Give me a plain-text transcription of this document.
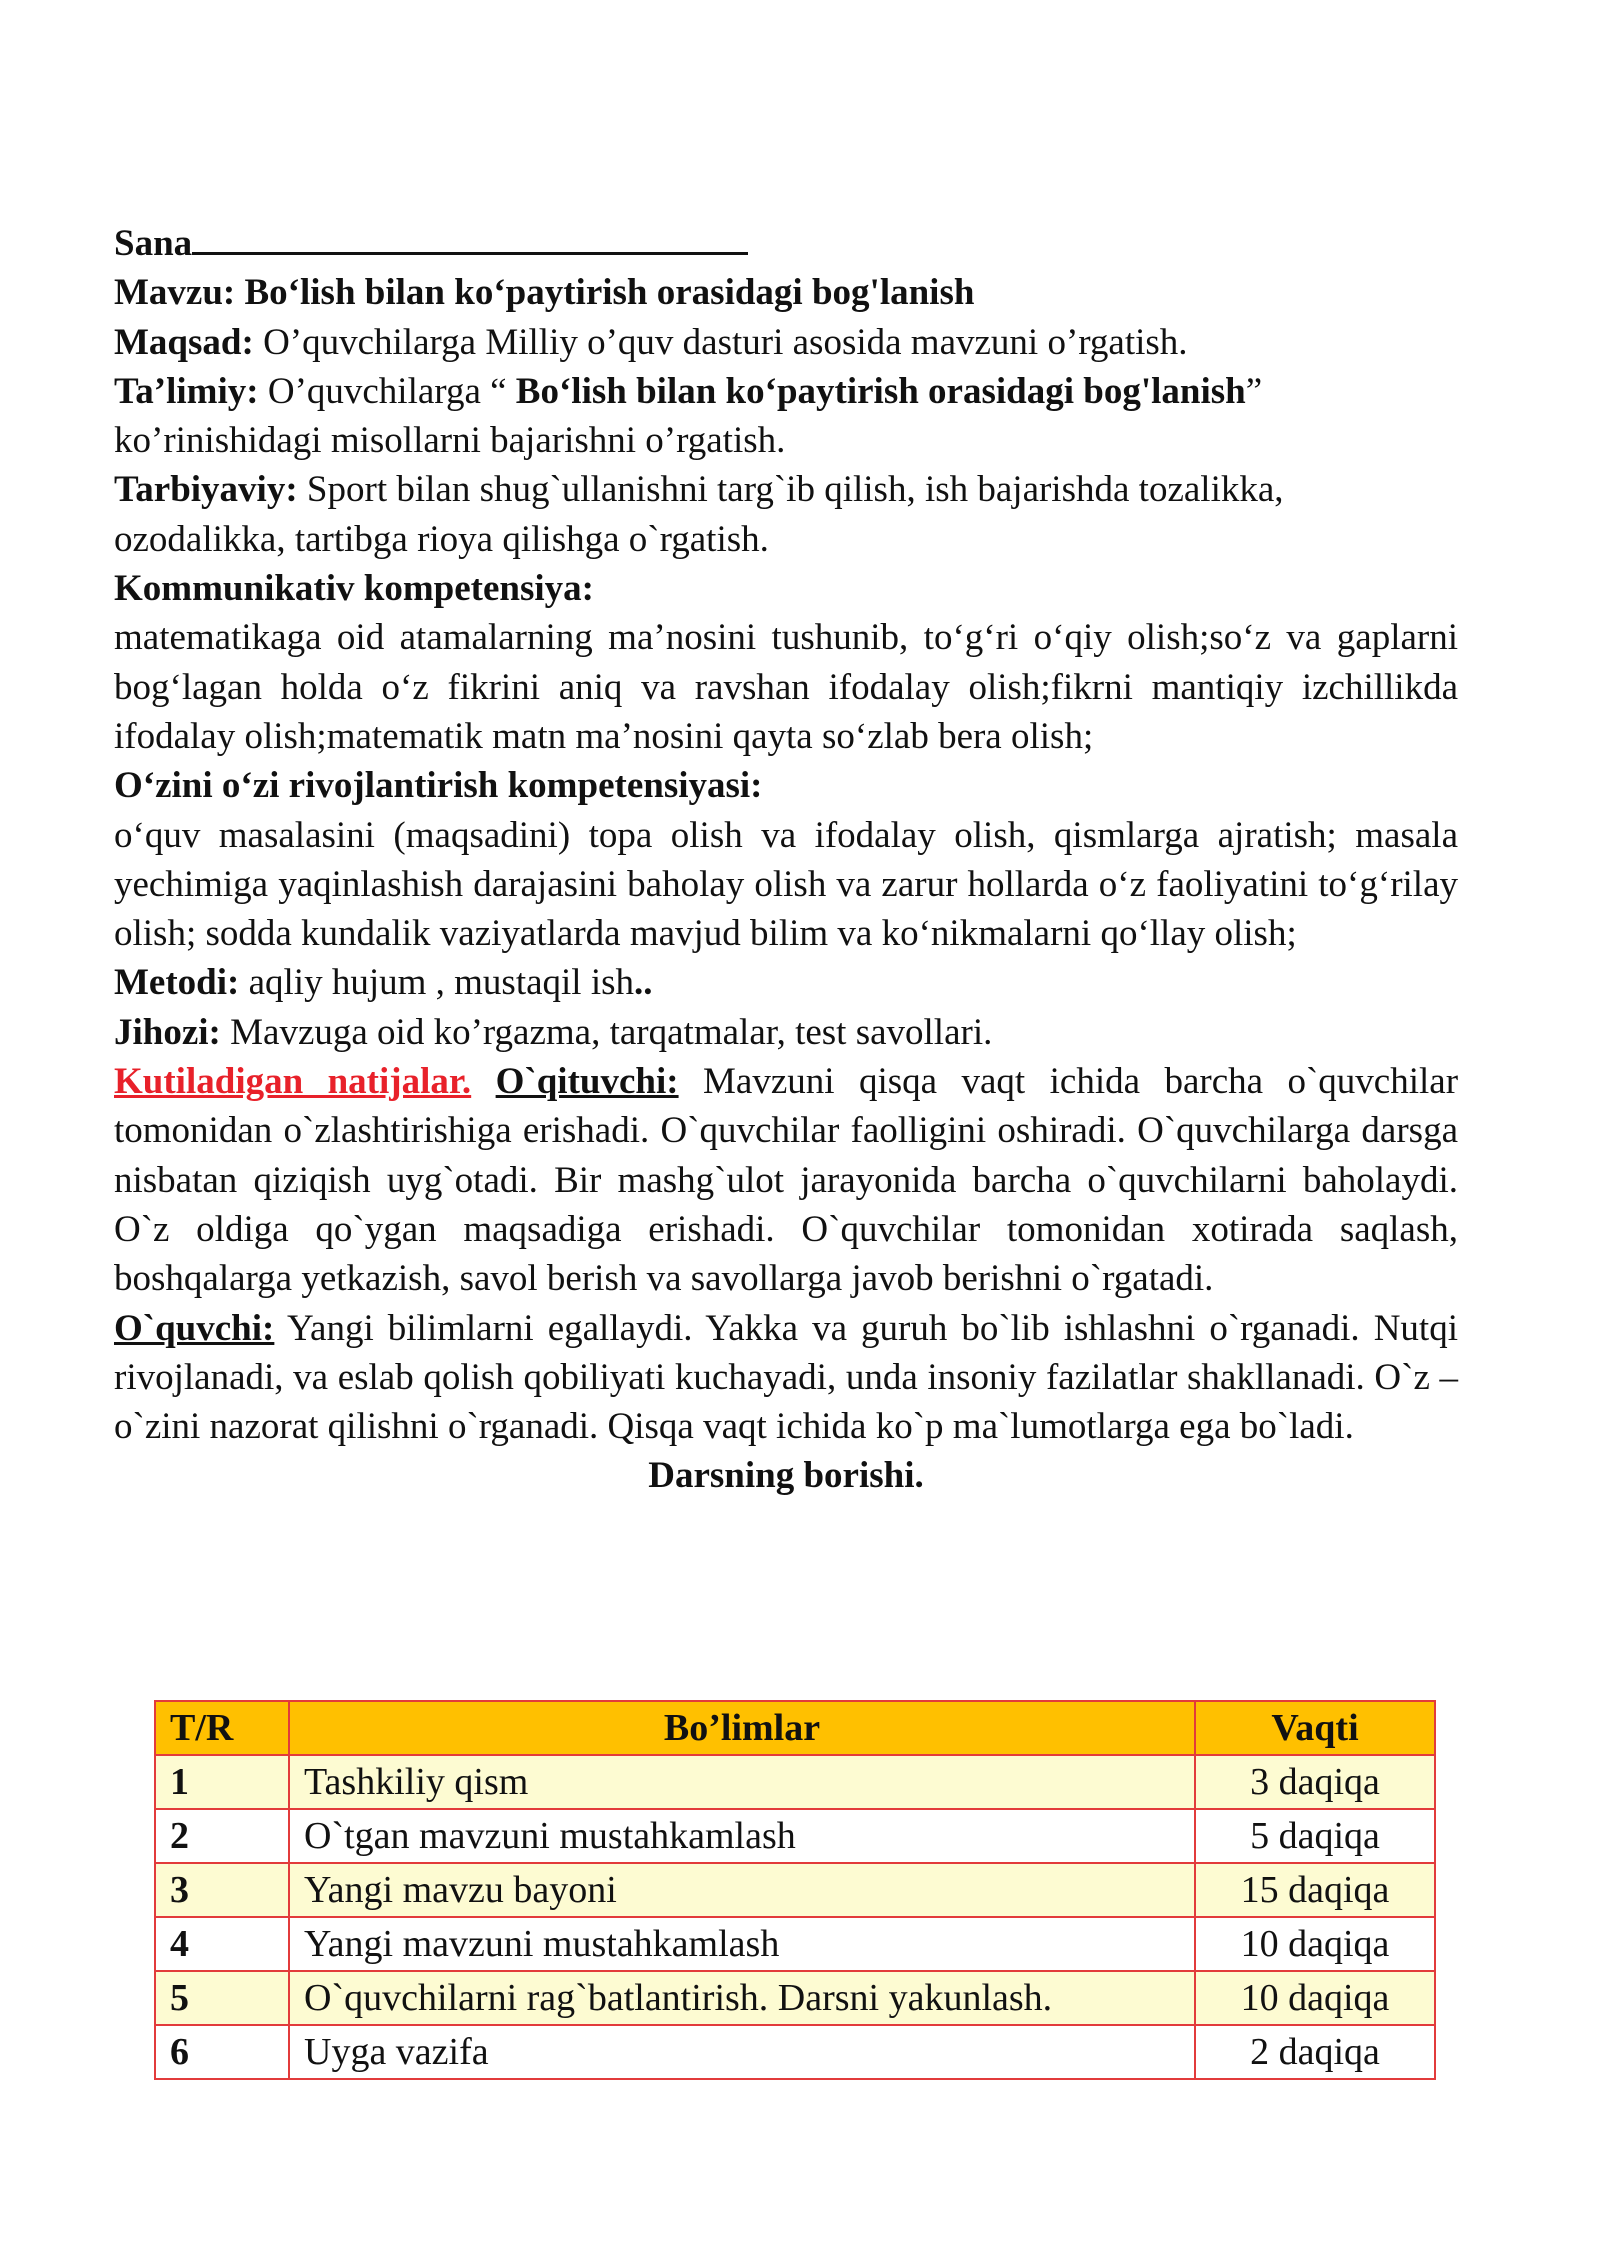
Sana

Mavzu: Bo‘lish bilan ko‘paytirish orasidagi bog'lanish

Maqsad: O’quvchilarga Milliy o’quv dasturi asosida mavzuni o’rgatish.

Ta’limiy: O’quvchilarga “ Bo‘lish bilan ko‘paytirish orasidagi bog'lanish” ko’rinishidagi misollarni bajarishni o’rgatish.

Tarbiyaviy: Sport bilan shug`ullanishni targ`ib qilish, ish bajarishda tozalikka, ozodalikka, tartibga rioya qilishga o`rgatish.

Kommunikativ kompetensiya:

matematikaga oid atamalarning ma’nosini tushunib, to‘g‘ri o‘qiy olish;so‘z va gaplarni bog‘lagan holda o‘z fikrini aniq va ravshan ifodalay olish;fikrni mantiqiy izchillikda ifodalay olish;matematik matn ma’nosini qayta so‘zlab bera olish;

O‘zini o‘zi rivojlantirish kompetensiyasi:

o‘quv masalasini (maqsadini) topa olish va ifodalay olish, qismlarga ajratish; masala yechimiga yaqinlashish darajasini baholay olish va zarur hollarda o‘z faoliyatini to‘g‘rilay olish; sodda kundalik vaziyatlarda mavjud bilim va ko‘nikmalarni qo‘llay olish;

Metodi: aqliy hujum , mustaqil ish..

Jihozi: Mavzuga oid ko’rgazma, tarqatmalar, test savollari.

Kutiladigan natijalar. O`qituvchi: Mavzuni qisqa vaqt ichida barcha o`quvchilar tomonidan o`zlashtirishiga erishadi. O`quvchilar faolligini oshiradi. O`quvchilarga darsga nisbatan qiziqish uyg`otadi. Bir mashg`ulot jarayonida barcha o`quvchilarni baholaydi. O`z oldiga qo`ygan maqsadiga erishadi. O`quvchilar tomonidan xotirada saqlash, boshqalarga yetkazish, savol berish va savollarga javob berishni o`rgatadi.

O`quvchi: Yangi bilimlarni egallaydi. Yakka va guruh bo`lib ishlashni o`rganadi. Nutqi rivojlanadi, va eslab qolish qobiliyati kuchayadi, unda insoniy fazilatlar shakllanadi. O`z – o`zini nazorat qilishni o`rganadi. Qisqa vaqt ichida ko`p ma`lumotlarga ega bo`ladi.

Darsning borishi.

T/R	Bo’limlar	Vaqti
1	Tashkiliy qism	3 daqiqa
2	O`tgan mavzuni mustahkamlash	5 daqiqa
3	Yangi mavzu bayoni	15 daqiqa
4	Yangi mavzuni mustahkamlash	10 daqiqa
5	O`quvchilarni rag`batlantirish. Darsni yakunlash.	10 daqiqa
6	Uyga vazifa	2 daqiqa
